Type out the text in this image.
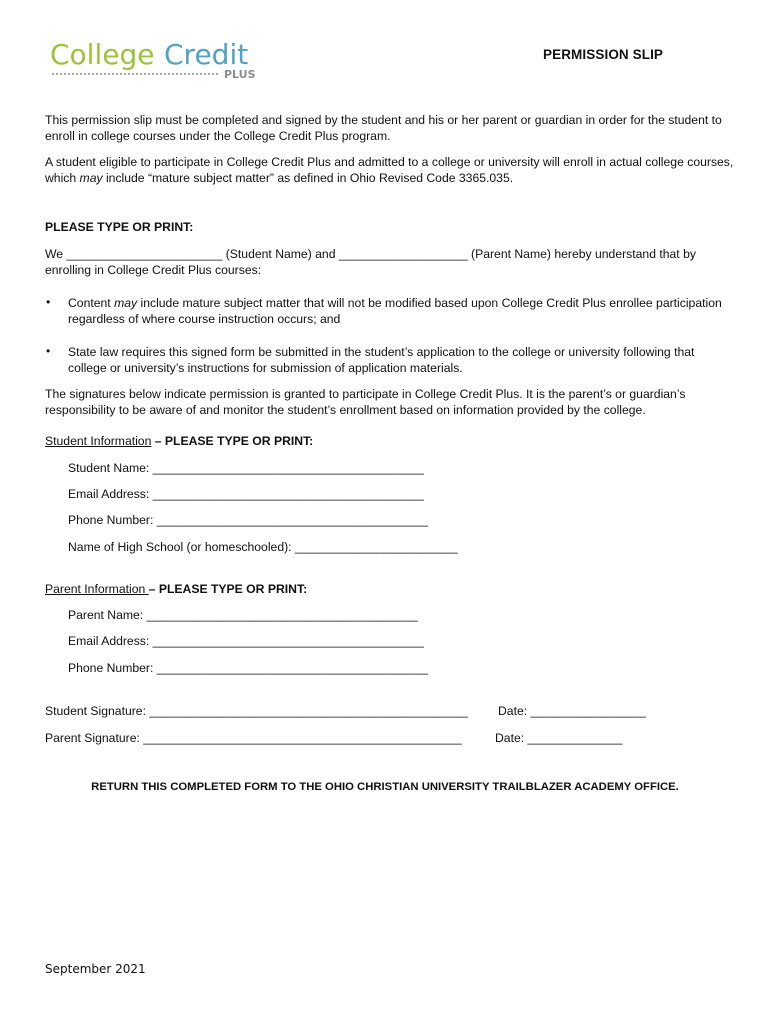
College Credit
PLUS
PERMISSION SLIP
This permission slip must be completed and signed by the student and his or her parent or guardian in order for the student to enroll in college courses under the College Credit Plus program.
A student eligible to participate in College Credit Plus and admitted to a college or university will enroll in actual college courses, which may include “mature subject matter” as defined in Ohio Revised Code 3365.035.
PLEASE TYPE OR PRINT:
We _______________________ (Student Name) and ___________________ (Parent Name) hereby understand that by enrolling in College Credit Plus courses:
• Content may include mature subject matter that will not be modified based upon College Credit Plus enrollee participation regardless of where course instruction occurs; and
• State law requires this signed form be submitted in the student’s application to the college or university following that college or university’s instructions for submission of application materials.
The signatures below indicate permission is granted to participate in College Credit Plus. It is the parent’s or guardian’s responsibility to be aware of and monitor the student’s enrollment based on information provided by the college.
Student Information – PLEASE TYPE OR PRINT:
Student Name: ________________________________________
Email Address: ________________________________________
Phone Number: ________________________________________
Name of High School (or homeschooled): ________________________
Parent Information – PLEASE TYPE OR PRINT:
Parent Name: ________________________________________
Email Address: ________________________________________
Phone Number: ________________________________________
Student Signature: _______________________________________________ Date: _________________
Parent Signature: _______________________________________________	Date: ______________
RETURN THIS COMPLETED FORM TO THE OHIO CHRISTIAN UNIVERSITY TRAILBLAZER ACADEMY OFFICE.
September 2021
